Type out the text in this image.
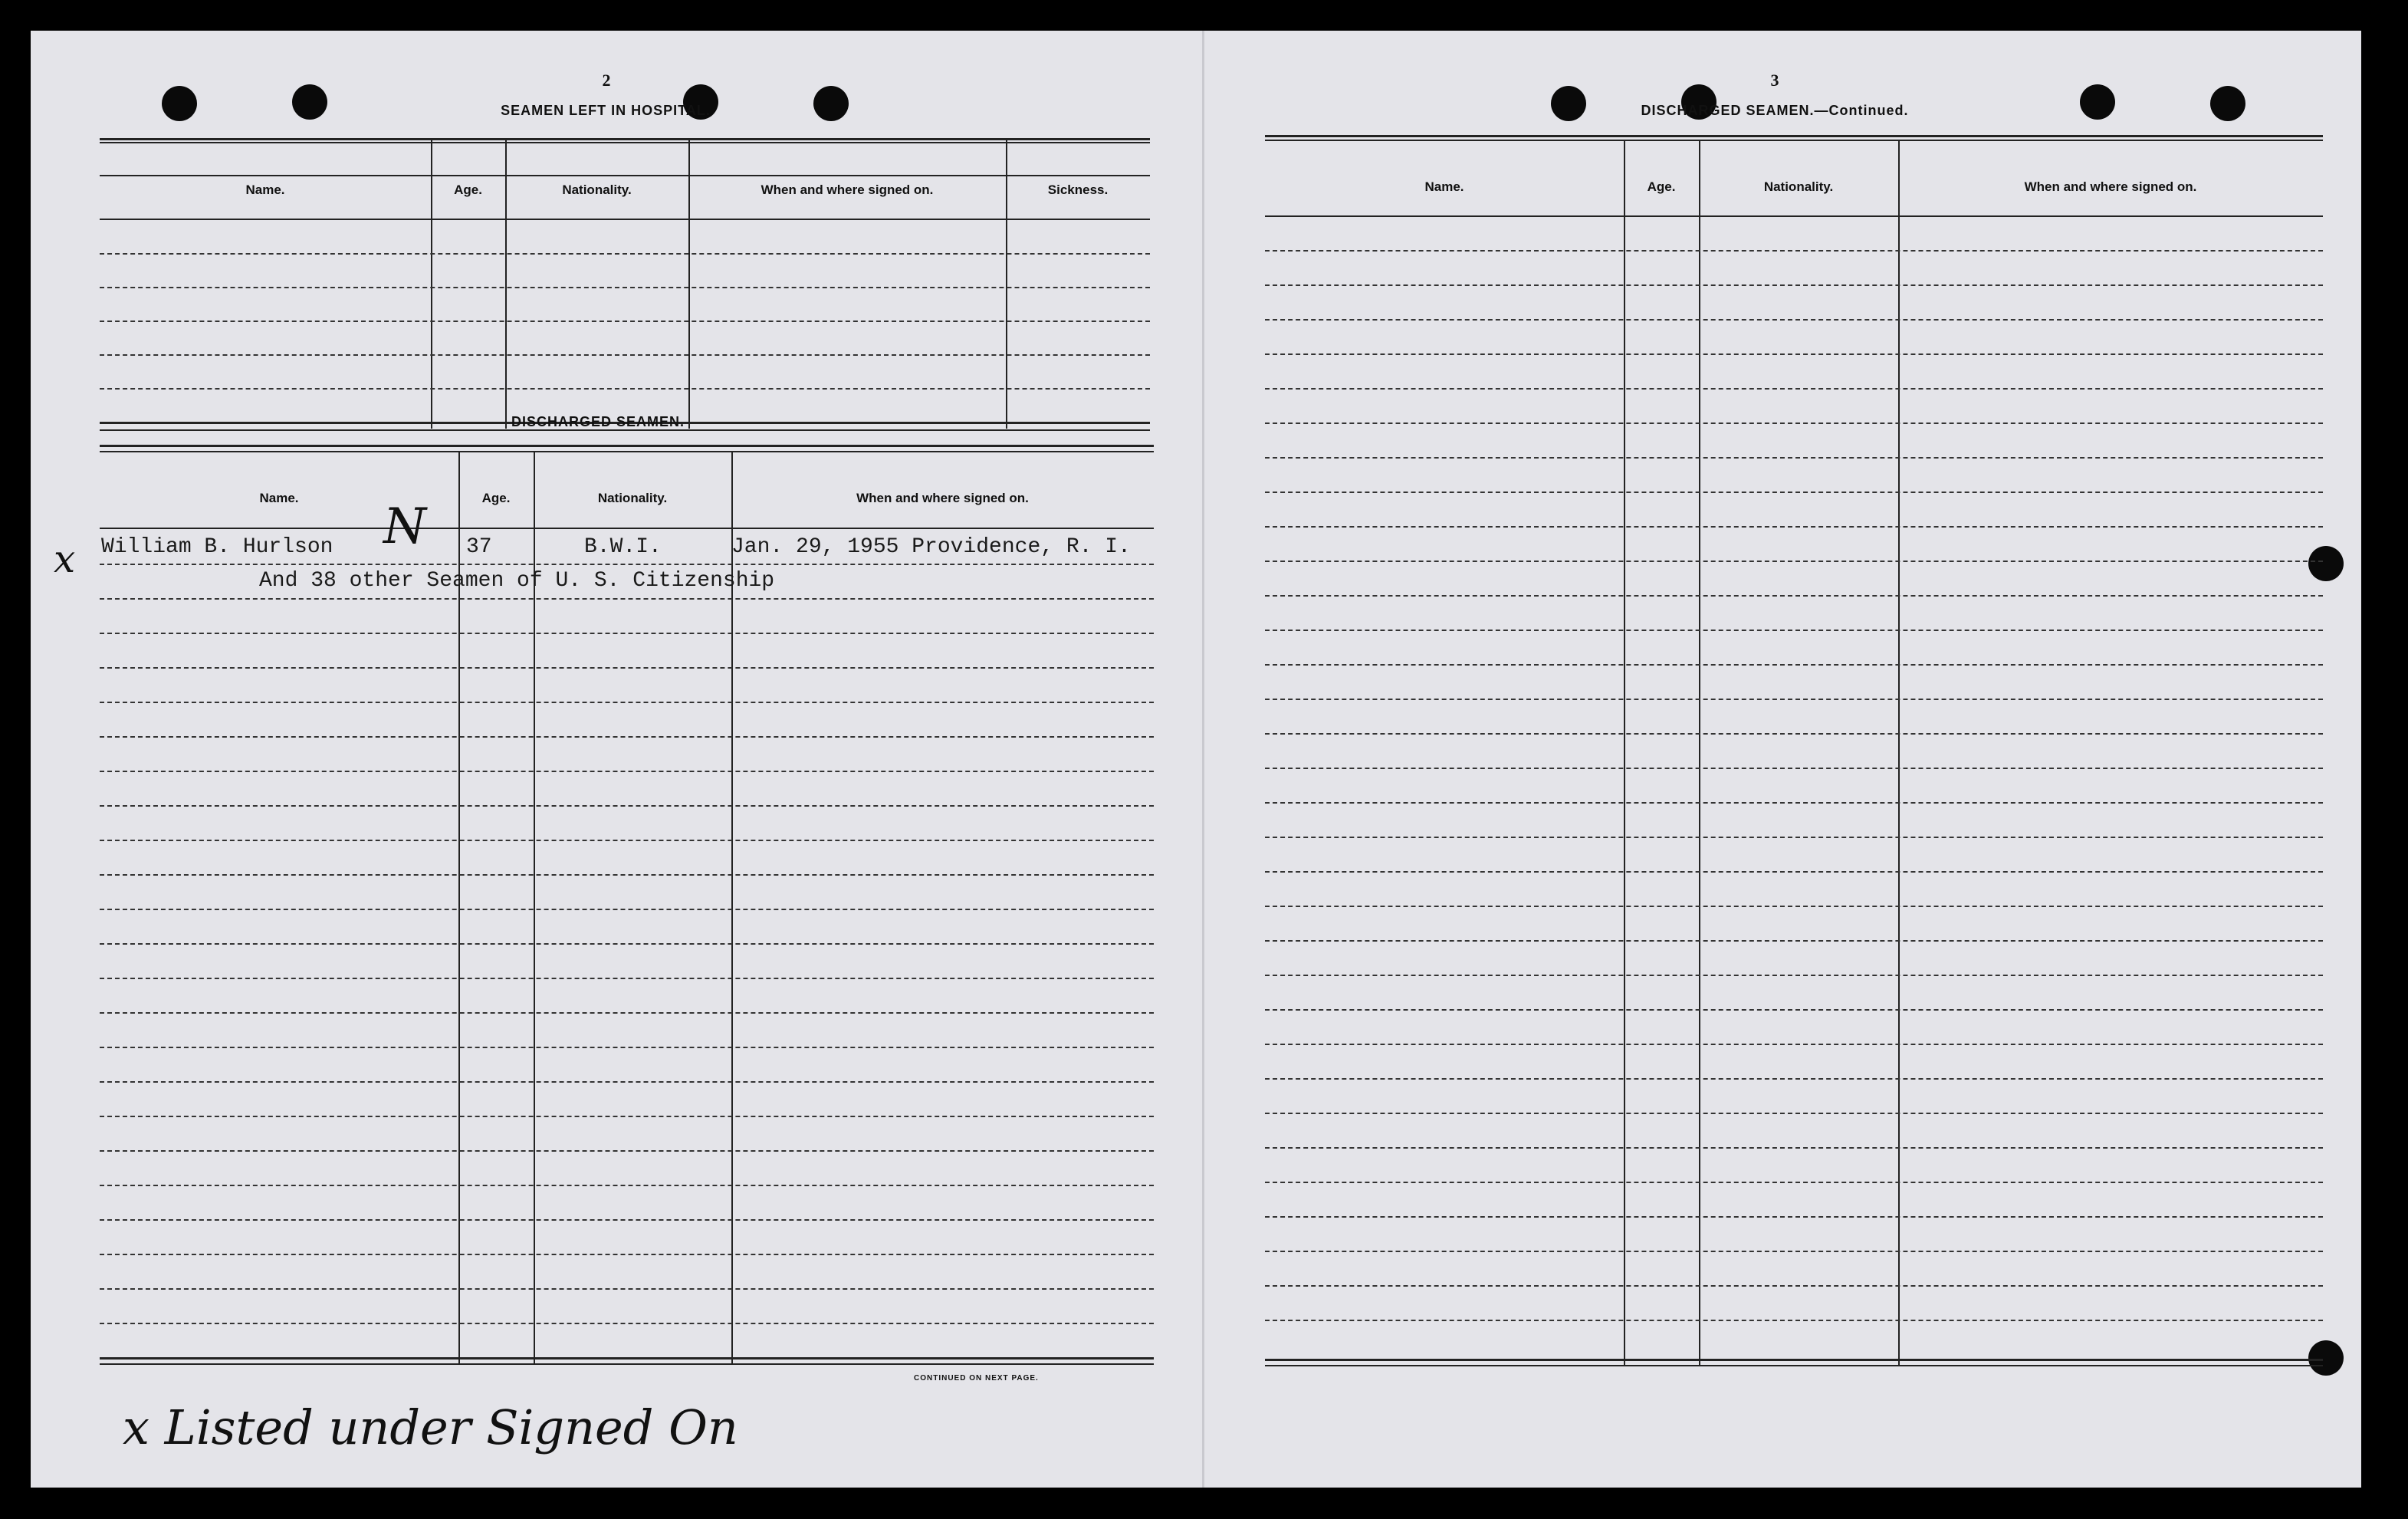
2
SEAMEN LEFT IN HOSPITAL.
Name.	Age.	Nationality.	When and where signed on.	Sickness.
DISCHARGED SEAMEN.
Name.	Age.	Nationality.	When and where signed on.
x William B. Hurlson N 37	B.W.I.	Jan. 29, 1955 Providence, R. I.
And 38 other Seamen of U. S. Citizenship
CONTINUED ON NEXT PAGE.
x Listed under Signed On
3
DISCHARGED SEAMEN.—Continued.
Name.	Age.	Nationality.	When and where signed on.
